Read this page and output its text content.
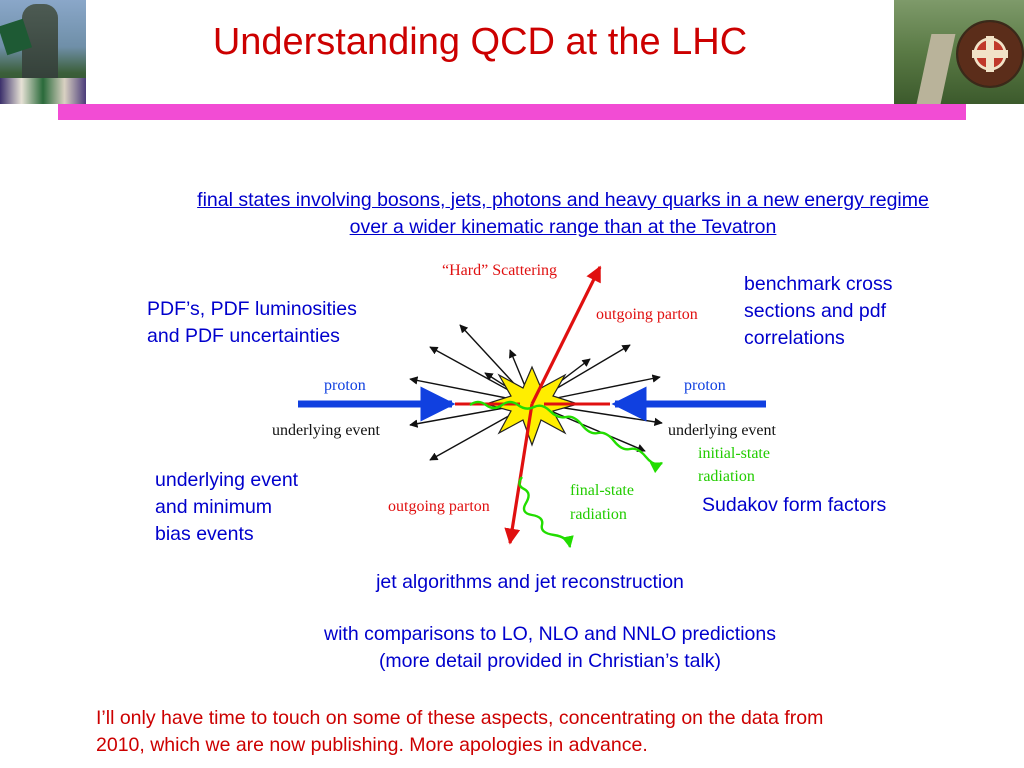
Understanding QCD at the LHC
final states involving bosons, jets, photons and heavy quarks in a new energy regime over a wider kinematic range than at the Tevatron
PDF’s, PDF luminosities
and PDF uncertainties
benchmark cross
sections and pdf
correlations
underlying event
and minimum
bias events
Sudakov form factors
jet algorithms and jet reconstruction
with comparisons to LO, NLO and NNLO predictions
(more detail provided in Christian’s talk)
I’ll only have time to touch on some of these aspects, concentrating on the data from
2010, which we are now publishing. More apologies in advance.
“Hard” Scattering
outgoing parton
proton	proton
underlying event	underlying event
initial-state
radiation
final-state
radiation
outgoing parton
